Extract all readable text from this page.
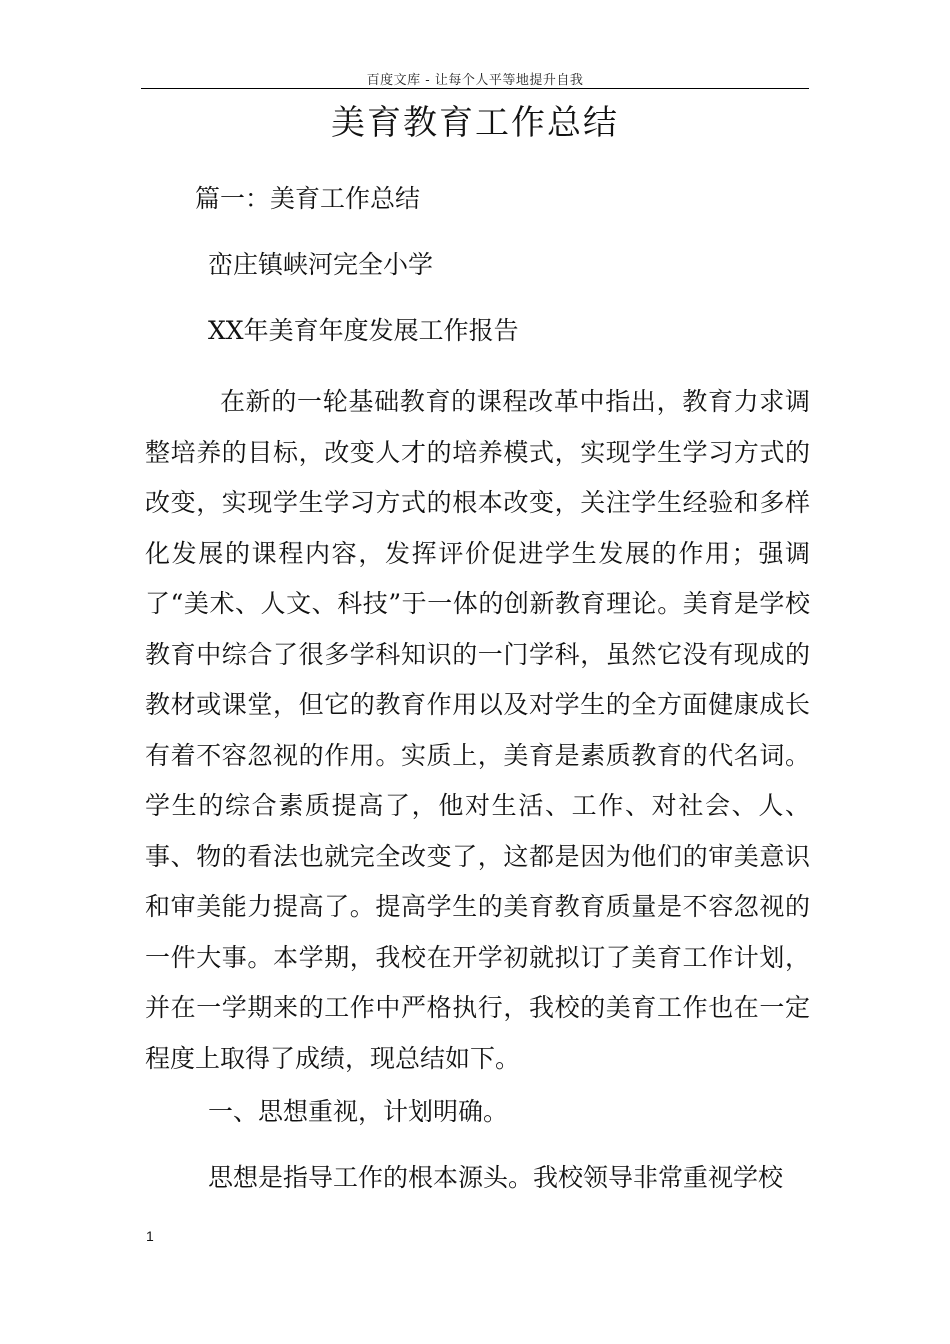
百度文库 - 让每个人平等地提升自我
美育教育工作总结
篇一：美育工作总结
峦庄镇峡河完全小学
XX年美育年度发展工作报告

在新的一轮基础教育的课程改革中指出，教育力求调整培养的目标，改变人才的培养模式，实现学生学习方式的改变，实现学生学习方式的根本改变，关注学生经验和多样化发展的课程内容，发挥评价促进学生发展的作用；强调了“美术、人文、科技”于一体的创新教育理论。美育是学校教育中综合了很多学科知识的一门学科，虽然它没有现成的教材或课堂，但它的教育作用以及对学生的全方面健康成长有着不容忽视的作用。实质上，美育是素质教育的代名词。学生的综合素质提高了，他对生活、工作、对社会、人、事、物的看法也就完全改变了，这都是因为他们的审美意识和审美能力提高了。提高学生的美育教育质量是不容忽视的一件大事。本学期，我校在开学初就拟订了美育工作计划，并在一学期来的工作中严格执行，我校的美育工作也在一定程度上取得了成绩，现总结如下。

一、思想重视，计划明确。
思想是指导工作的根本源头。我校领导非常重视学校
1
